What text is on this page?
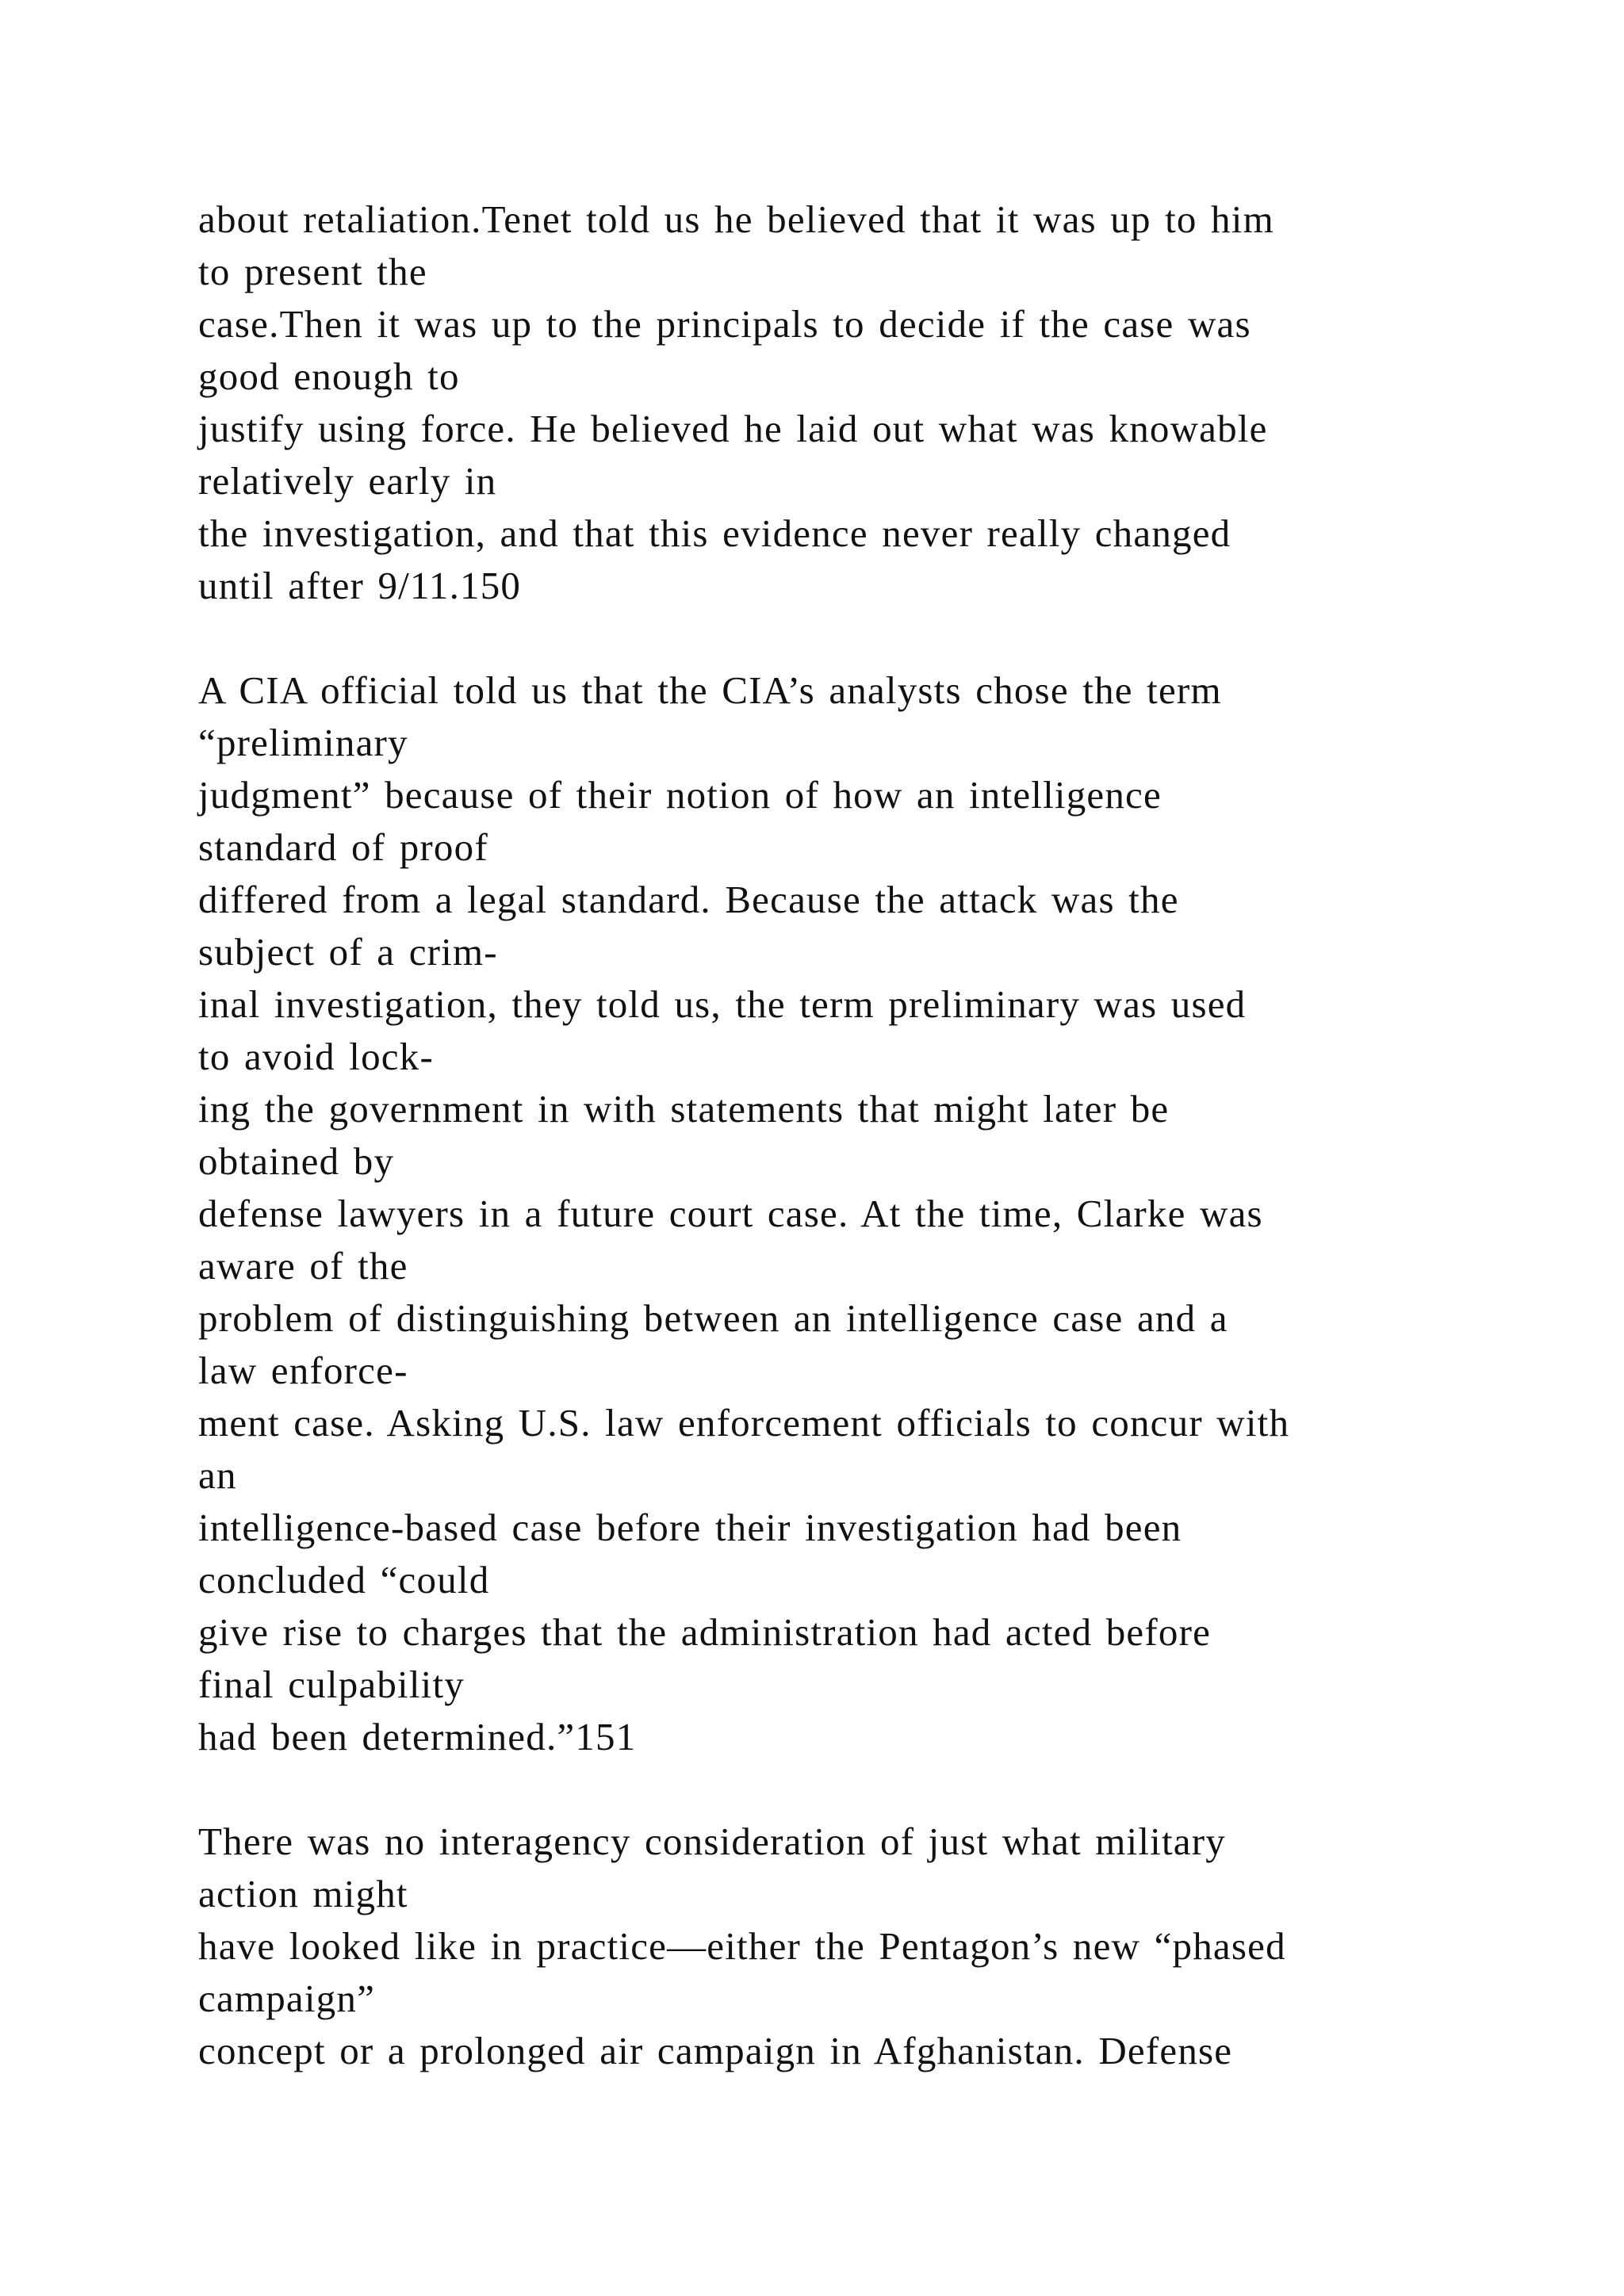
about retaliation.Tenet told us he believed that it was up to him
to present the
case.Then it was up to the principals to decide if the case was
good enough to
justify using force. He believed he laid out what was knowable
relatively early in
the investigation, and that this evidence never really changed
until after 9/11.150
A CIA official told us that the CIA’s analysts chose the term
“preliminary
judgment” because of their notion of how an intelligence
standard of proof
differed from a legal standard. Because the attack was the
subject of a crim-
inal investigation, they told us, the term preliminary was used
to avoid lock-
ing the government in with statements that might later be
obtained by
defense lawyers in a future court case. At the time, Clarke was
aware of the
problem of distinguishing between an intelligence case and a
law enforce-
ment case. Asking U.S. law enforcement officials to concur with
an
intelligence-based case before their investigation had been
concluded “could
give rise to charges that the administration had acted before
final culpability
had been determined.”151
There was no interagency consideration of just what military
action might
have looked like in practice—either the Pentagon’s new “phased
campaign”
concept or a prolonged air campaign in Afghanistan. Defense
